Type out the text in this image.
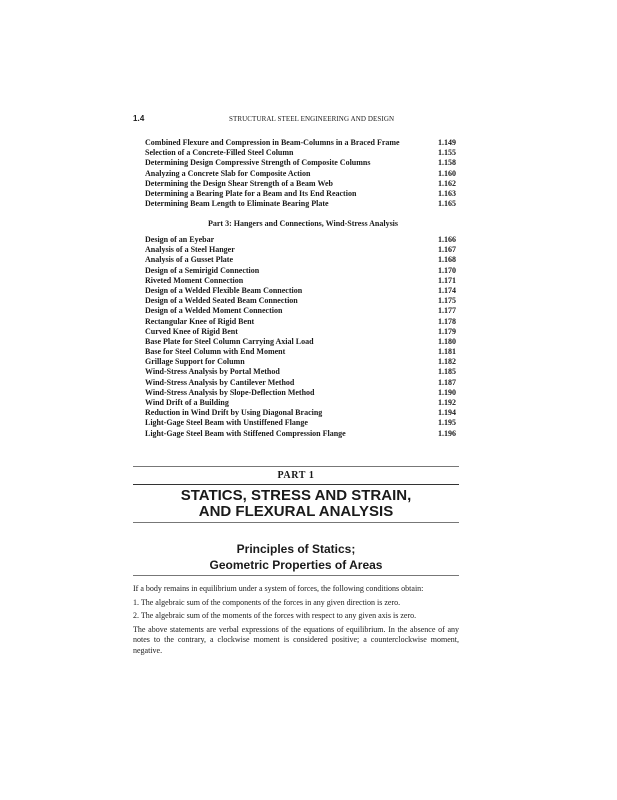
1.4	STRUCTURAL STEEL ENGINEERING AND DESIGN
Combined Flexure and Compression in Beam-Columns in a Braced Frame	1.149
Selection of a Concrete-Filled Steel Column	1.155
Determining Design Compressive Strength of Composite Columns	1.158
Analyzing a Concrete Slab for Composite Action	1.160
Determining the Design Shear Strength of a Beam Web	1.162
Determining a Bearing Plate for a Beam and Its End Reaction	1.163
Determining Beam Length to Eliminate Bearing Plate	1.165
Part 3: Hangers and Connections, Wind-Stress Analysis
Design of an Eyebar	1.166
Analysis of a Steel Hanger	1.167
Analysis of a Gusset Plate	1.168
Design of a Semirigid Connection	1.170
Riveted Moment Connection	1.171
Design of a Welded Flexible Beam Connection	1.174
Design of a Welded Seated Beam Connection	1.175
Design of a Welded Moment Connection	1.177
Rectangular Knee of Rigid Bent	1.178
Curved Knee of Rigid Bent	1.179
Base Plate for Steel Column Carrying Axial Load	1.180
Base for Steel Column with End Moment	1.181
Grillage Support for Column	1.182
Wind-Stress Analysis by Portal Method	1.185
Wind-Stress Analysis by Cantilever Method	1.187
Wind-Stress Analysis by Slope-Deflection Method	1.190
Wind Drift of a Building	1.192
Reduction in Wind Drift by Using Diagonal Bracing	1.194
Light-Gage Steel Beam with Unstiffened Flange	1.195
Light-Gage Steel Beam with Stiffened Compression Flange	1.196
PART 1
STATICS, STRESS AND STRAIN,
AND FLEXURAL ANALYSIS
Principles of Statics;
Geometric Properties of Areas

If a body remains in equilibrium under a system of forces, the following conditions obtain:

1. The algebraic sum of the components of the forces in any given direction is zero.

2. The algebraic sum of the moments of the forces with respect to any given axis is zero.

The above statements are verbal expressions of the equations of equilibrium. In the absence of any notes to the contrary, a clockwise moment is considered positive; a counterclockwise moment, negative.
